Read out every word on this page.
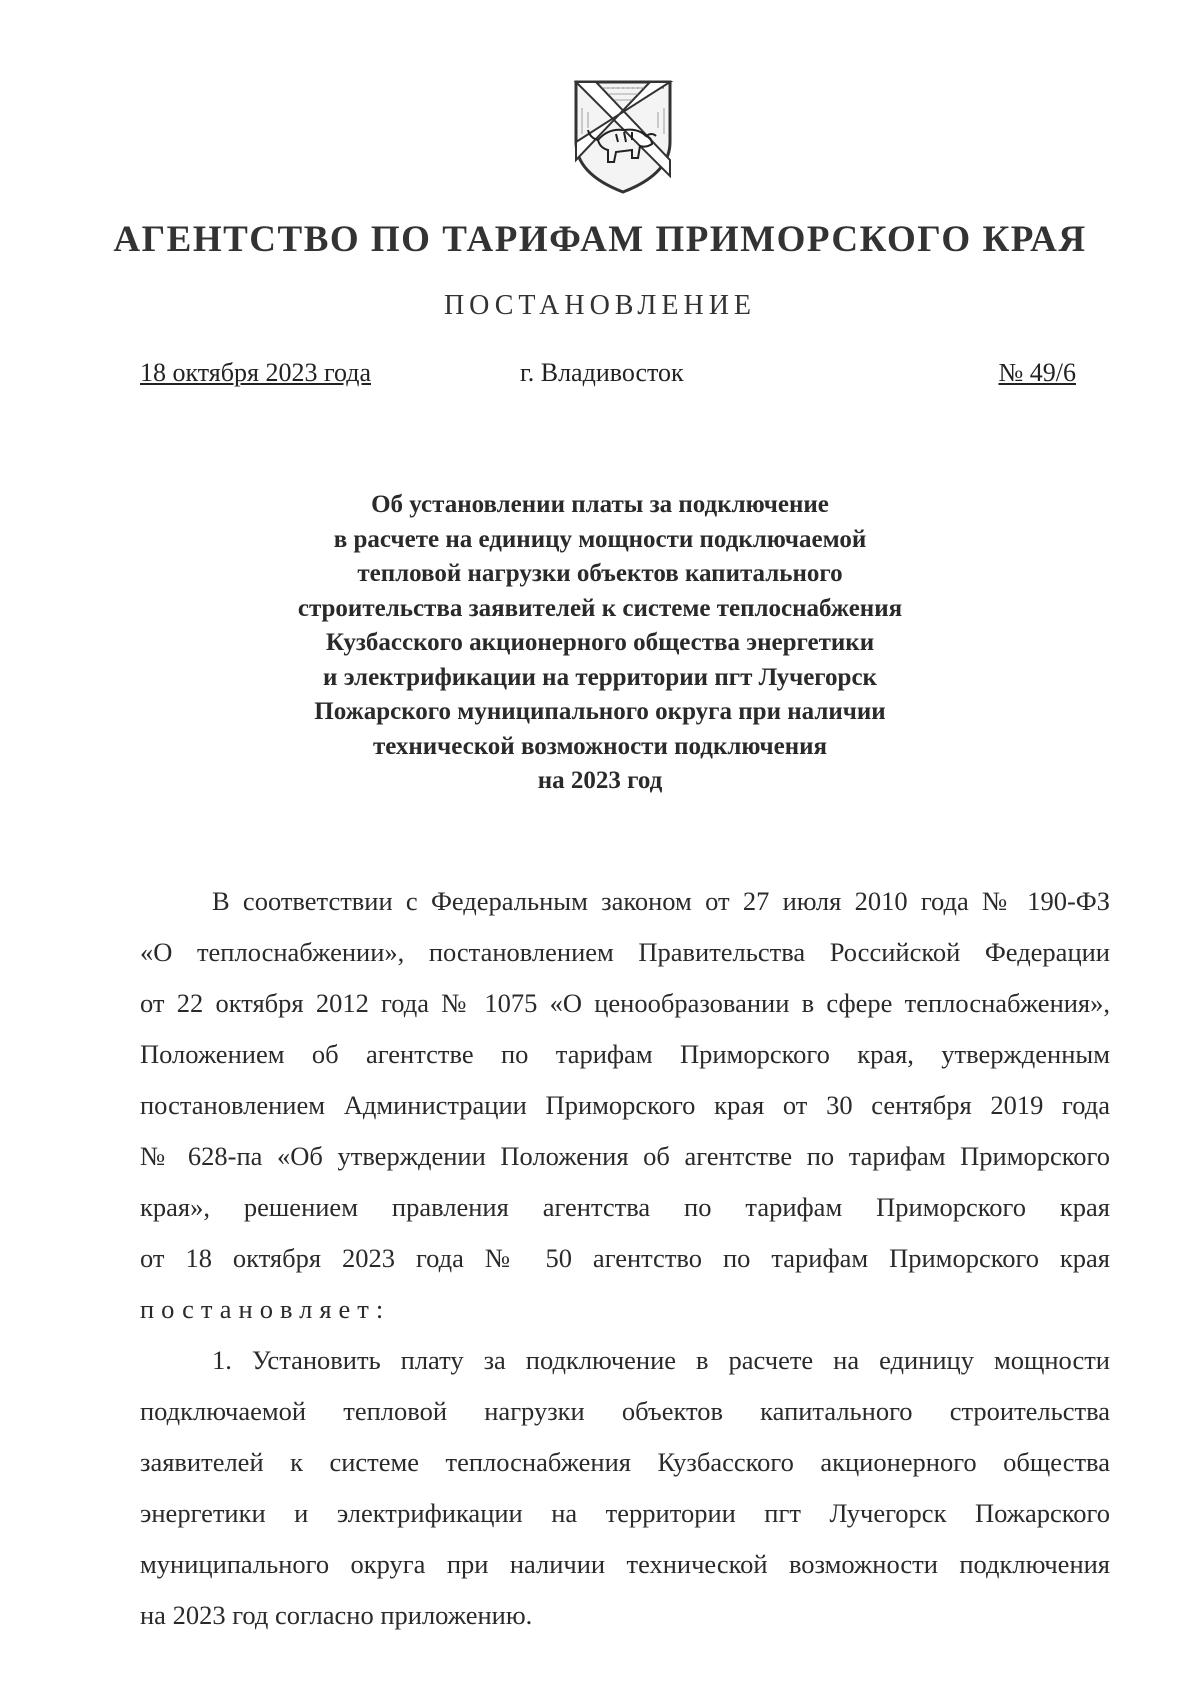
АГЕНТСТВО ПО ТАРИФАМ ПРИМОРСКОГО КРАЯ
ПОСТАНОВЛЕНИЕ
18 октября 2023 года	г. Владивосток	№ 49/6
Об установлении платы за подключение
в расчете на единицу мощности подключаемой
тепловой нагрузки объектов капитального
строительства заявителей к системе теплоснабжения
Кузбасского акционерного общества энергетики
и электрификации на территории пгт Лучегорск
Пожарского муниципального округа при наличии
технической возможности подключения
на 2023 год
В соответствии с Федеральным законом от 27 июля 2010 года № 190-ФЗ
«О теплоснабжении», постановлением Правительства Российской Федерации
от 22 октября 2012 года № 1075 «О ценообразовании в сфере теплоснабжения»,
Положением об агентстве по тарифам Приморского края, утвержденным
постановлением Администрации Приморского края от 30 сентября 2019 года
№ 628-па «Об утверждении Положения об агентстве по тарифам Приморского
края», решением правления агентства по тарифам Приморского края
от 18 октября 2023 года № 50 агентство по тарифам Приморского края
постановляет:
1. Установить плату за подключение в расчете на единицу мощности
подключаемой тепловой нагрузки объектов капитального строительства
заявителей к системе теплоснабжения Кузбасского акционерного общества
энергетики и электрификации на территории пгт Лучегорск Пожарского
муниципального округа при наличии технической возможности подключения
на 2023 год согласно приложению.
